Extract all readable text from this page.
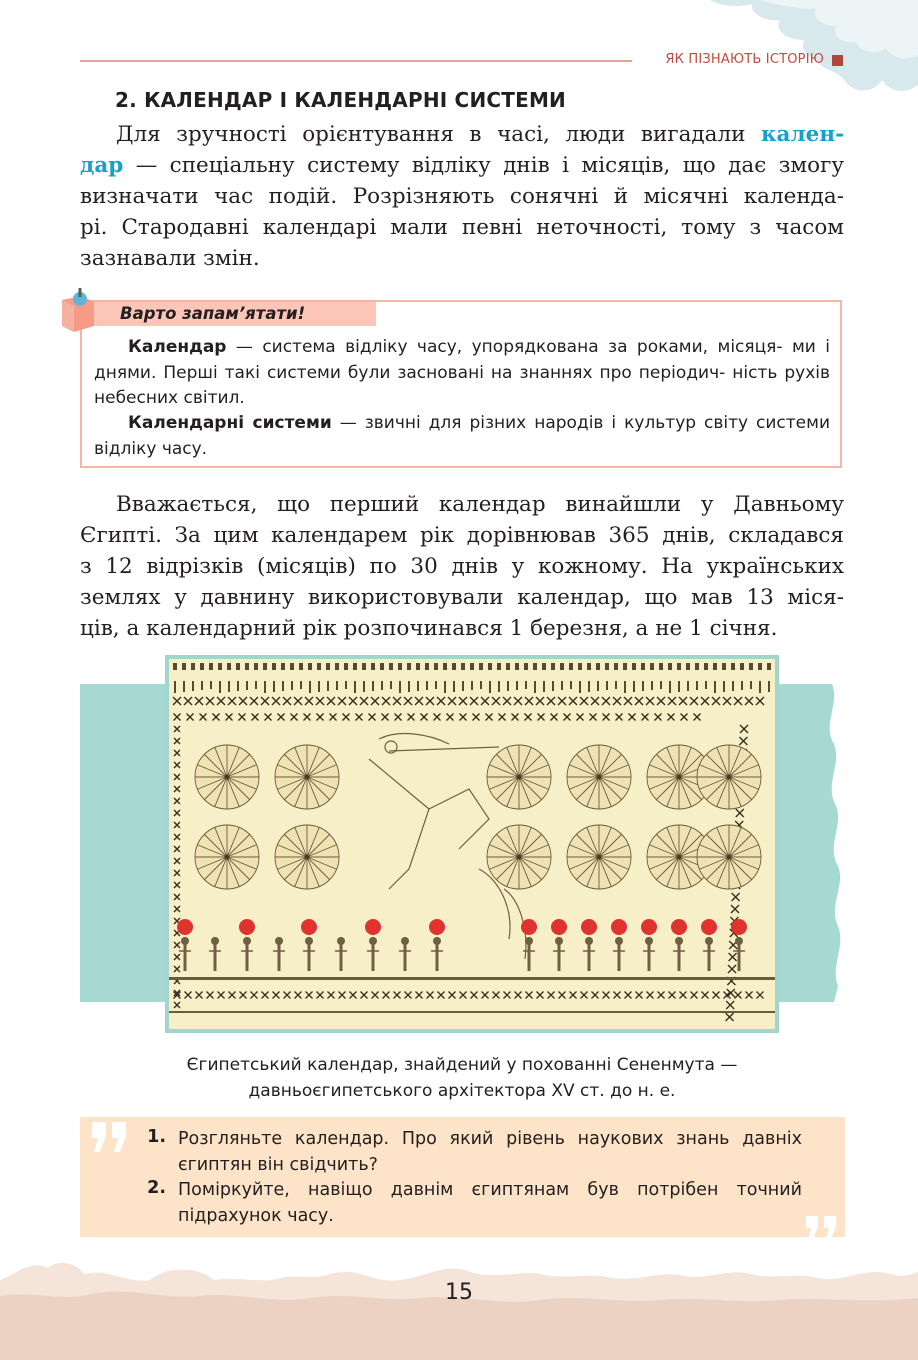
ЯК ПІЗНАЮТЬ ІСТОРІЮ
2. КАЛЕНДАР І КАЛЕНДАРНІ СИСТЕМИ
Для зручності орієнтування в часі, люди вигадали кален-
дар — спеціальну систему відліку днів і місяців, що дає змогу
визначати час подій. Розрізняють сонячні й місячні календа-
рі. Стародавні календарі мали певні неточності, тому з часом
зазнавали змін.
Варто запам’ятати!
Календар — система відліку часу, упорядкована за роками, місяця- ми і днями. Перші такі системи були засновані на знаннях про періодич- ність рухів небесних світил.
Календарні системи — звичні для різних народів і культур світу системи відліку часу.
Вважається, що перший календар винайшли у Давньому
Єгипті. За цим календарем рік дорівнював 365 днів, складався
з 12 відрізків (місяців) по 30 днів у кожному. На українських
землях у давнину використовували календар, що мав 13 міся-
ців, а календарний рік розпочинався 1 березня, а не 1 січня.
Єгипетський календар, знайдений у похованні Сененмута —
давньоєгипетського архітектора XV ст. до н. е.
1. Розгляньте календар. Про який рівень наукових знань давніх єгиптян він свідчить?
2. Поміркуйте, навіщо давнім єгиптянам був потрібен точний підрахунок часу.
15
